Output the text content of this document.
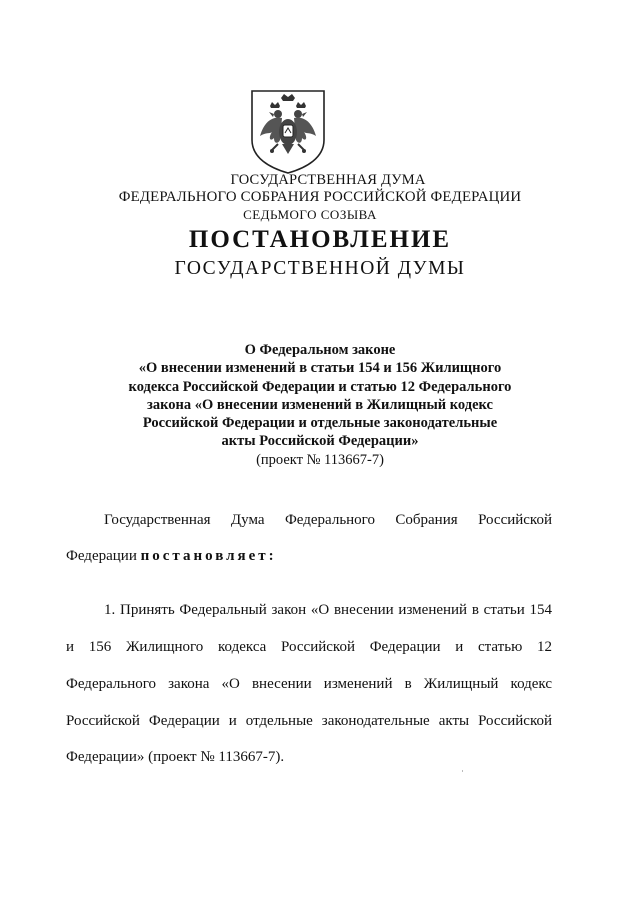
ГОСУДАРСТВЕННАЯ ДУМА
ФЕДЕРАЛЬНОГО СОБРАНИЯ РОССИЙСКОЙ ФЕДЕРАЦИИ
СЕДЬМОГО СОЗЫВА
ПОСТАНОВЛЕНИЕ
ГОСУДАРСТВЕННОЙ ДУМЫ
О Федеральном законе
«О внесении изменений в статьи 154 и 156 Жилищного
кодекса Российской Федерации и статью 12 Федерального
закона «О внесении изменений в Жилищный кодекс
Российской Федерации и отдельные законодательные
акты Российской Федерации»
(проект № 113667-7)
Государственная Дума Федерального Собрания Российской
Федерации постановляет:
1. Принять Федеральный закон «О внесении изменений в статьи 154
и 156 Жилищного кодекса Российской Федерации и статью 12
Федерального закона «О внесении изменений в Жилищный кодекс
Российской Федерации и отдельные законодательные акты Российской
Федерации» (проект № 113667-7).
